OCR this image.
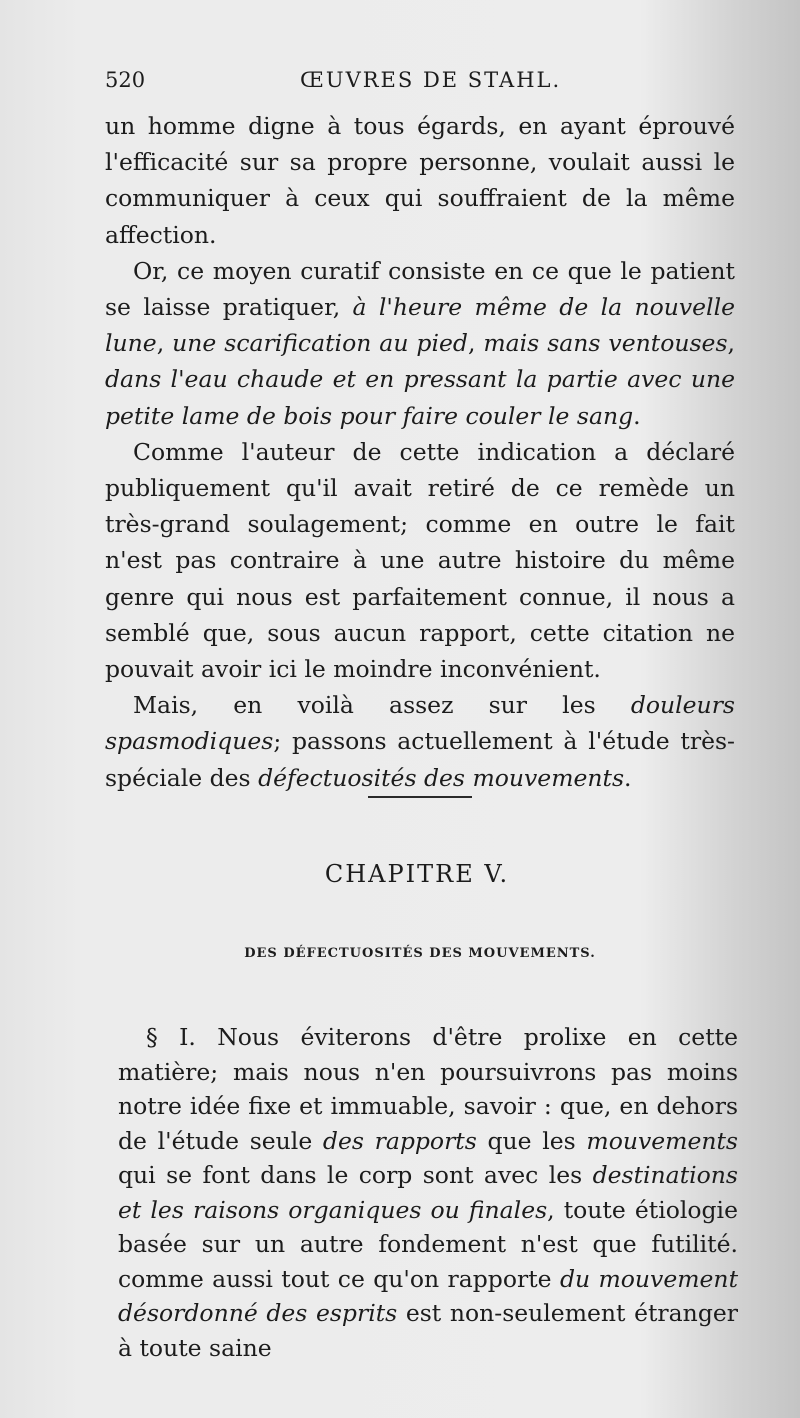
520	ŒUVRES DE STAHL.

un homme digne à tous égards, en ayant éprouvé l'efficacité sur sa propre personne, voulait aussi le communiquer à ceux qui souffraient de la même affection.

Or, ce moyen curatif consiste en ce que le patient se laisse pratiquer, à l'heure même de la nouvelle lune, une scarification au pied, mais sans ventouses, dans l'eau chaude et en pressant la partie avec une petite lame de bois pour faire couler le sang.

Comme l'auteur de cette indication a déclaré publiquement qu'il avait retiré de ce remède un très-grand soulagement; comme en outre le fait n'est pas contraire à une autre histoire du même genre qui nous est parfaitement connue, il nous a semblé que, sous aucun rapport, cette citation ne pouvait avoir ici le moindre inconvénient.

Mais, en voilà assez sur les douleurs spasmodiques; passons actuellement à l'étude très-spéciale des défectuosités des mouvements.

CHAPITRE V.
DES DÉFECTUOSITÉS DES MOUVEMENTS.

§ I. Nous éviterons d'être prolixe en cette matière; mais nous n'en poursuivrons pas moins notre idée fixe et immuable, savoir : que, en dehors de l'étude seule des rapports que les mouvements qui se font dans le corp sont avec les destinations et les raisons organiques ou finales, toute étiologie basée sur un autre fondement n'est que futilité. comme aussi tout ce qu'on rapporte du mouvement désordonné des esprits est non-seulement étranger à toute saine
